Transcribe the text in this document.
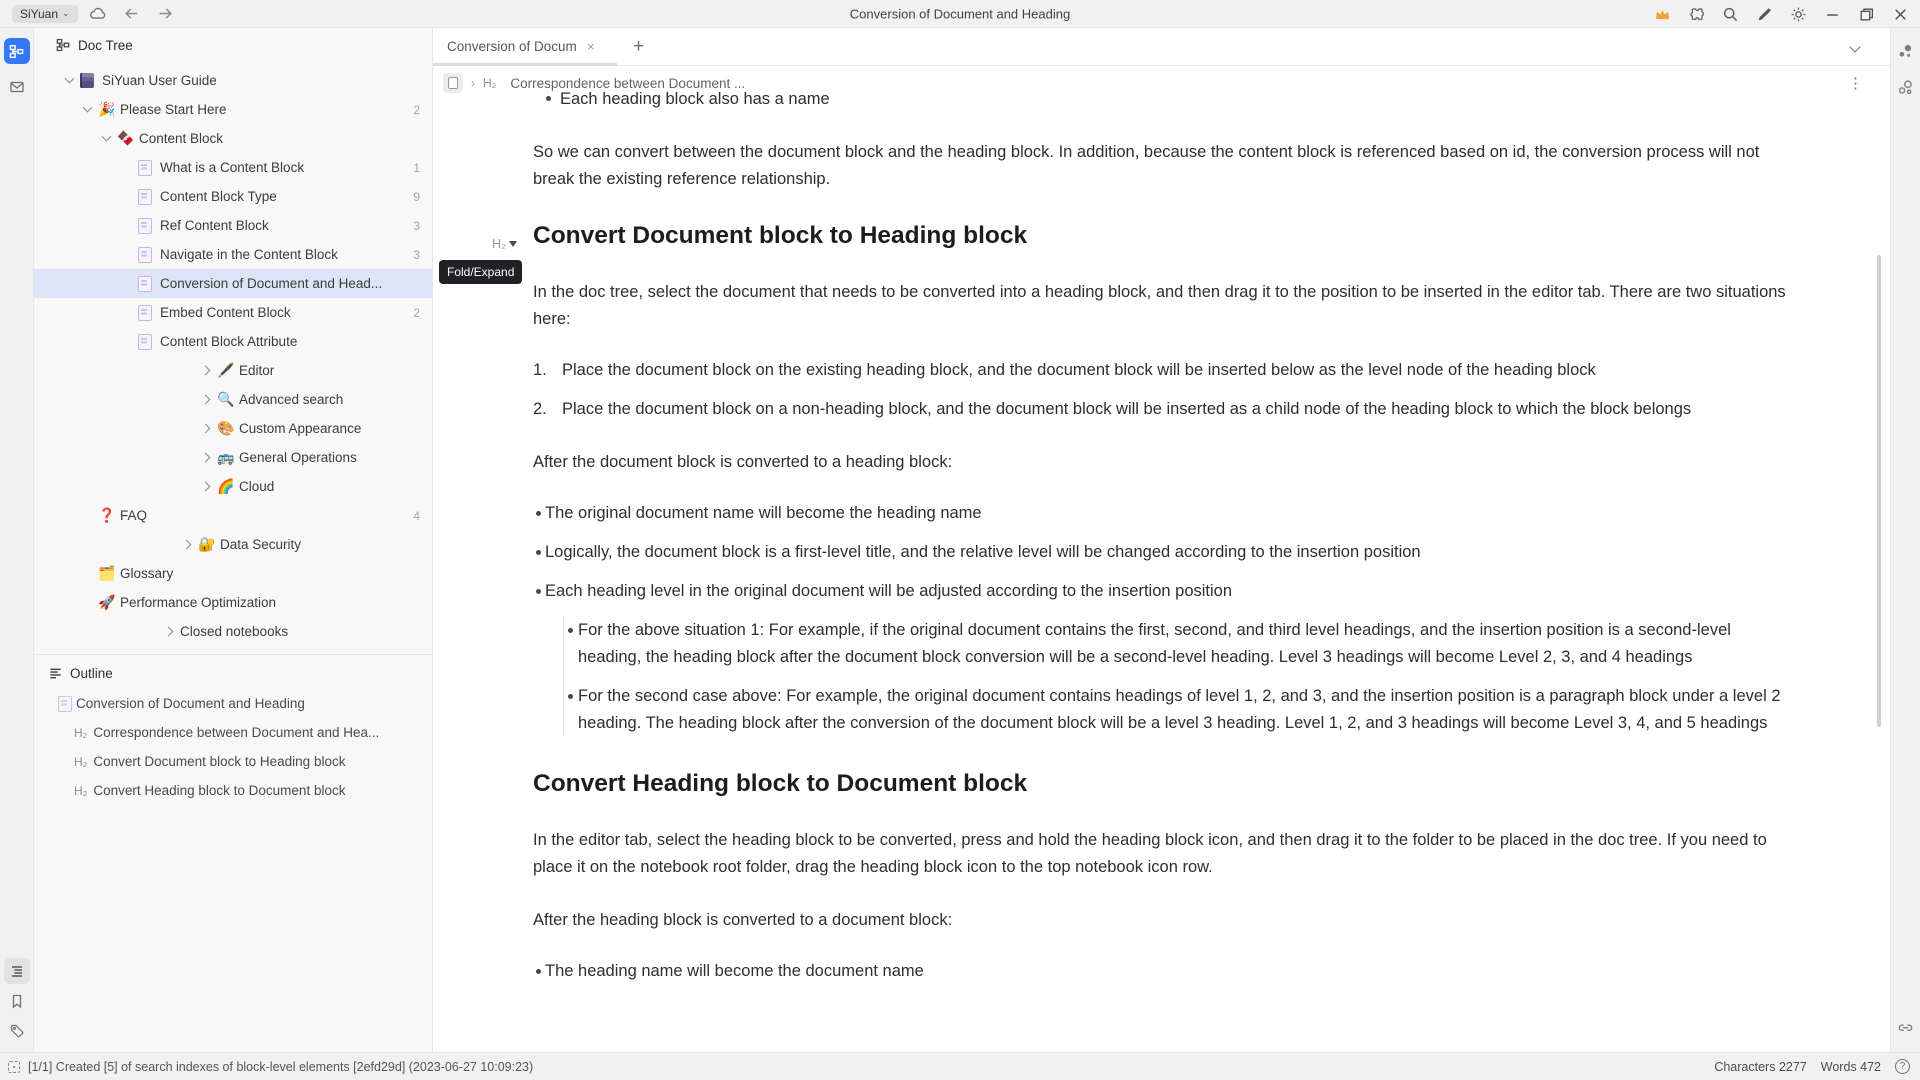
SiYuan ⌄	Conversion of Document and Heading
Doc Tree
SiYuan User Guide
🎉 Please Start Here	2
🍫 Content Block
What is a Content Block	1
Content Block Type	9
Ref Content Block	3
Navigate in the Content Block	3
Conversion of Document and Head...
Embed Content Block	2
Content Block Attribute
🖋️ Editor
🔍 Advanced search
🎨 Custom Appearance
🚌 General Operations
🌈 Cloud
❓ FAQ	4
🔐 Data Security
🗂️ Glossary
🚀 Performance Optimization
Closed notebooks
Outline
Conversion of Document and Heading
H₂ Correspondence between Document and Hea...
H₂ Convert Document block to Heading block
H₂ Convert Heading block to Document block
Conversion of Docum × +
› H₂ Correspondence between Document ...	⋮
Each heading block also has a name
So we can convert between the document block and the heading block. In addition, because the content block is referenced based on id, the conversion process will not break the existing reference relationship.
H₂ Convert Document block to Heading block
In the doc tree, select the document that needs to be converted into a heading block, and then drag it to the position to be inserted in the editor tab. There are two situations here:
1. Place the document block on the existing heading block, and the document block will be inserted below as the level node of the heading block
2. Place the document block on a non-heading block, and the document block will be inserted as a child node of the heading block to which the block belongs
After the document block is converted to a heading block:
The original document name will become the heading name
Logically, the document block is a first-level title, and the relative level will be changed according to the insertion position
Each heading level in the original document will be adjusted according to the insertion position
For the above situation 1: For example, if the original document contains the first, second, and third level headings, and the insertion position is a second-level heading, the heading block after the document block conversion will be a second-level heading. Level 3 headings will become Level 2, 3, and 4 headings
For the second case above: For example, the original document contains headings of level 1, 2, and 3, and the insertion position is a paragraph block under a level 2 heading. The heading block after the conversion of the document block will be a level 3 heading. Level 1, 2, and 3 headings will become Level 3, 4, and 5 headings
Convert Heading block to Document block
In the editor tab, select the heading block to be converted, press and hold the heading block icon, and then drag it to the folder to be placed in the doc tree. If you need to place it on the notebook root folder, drag the heading block icon to the top notebook icon row.
After the heading block is converted to a document block:
The heading name will become the document name
Fold/Expand
[1/1] Created [5] of search indexes of block-level elements [2efd29d] (2023-06-27 10:09:23)	Characters 2277 Words 472	?
